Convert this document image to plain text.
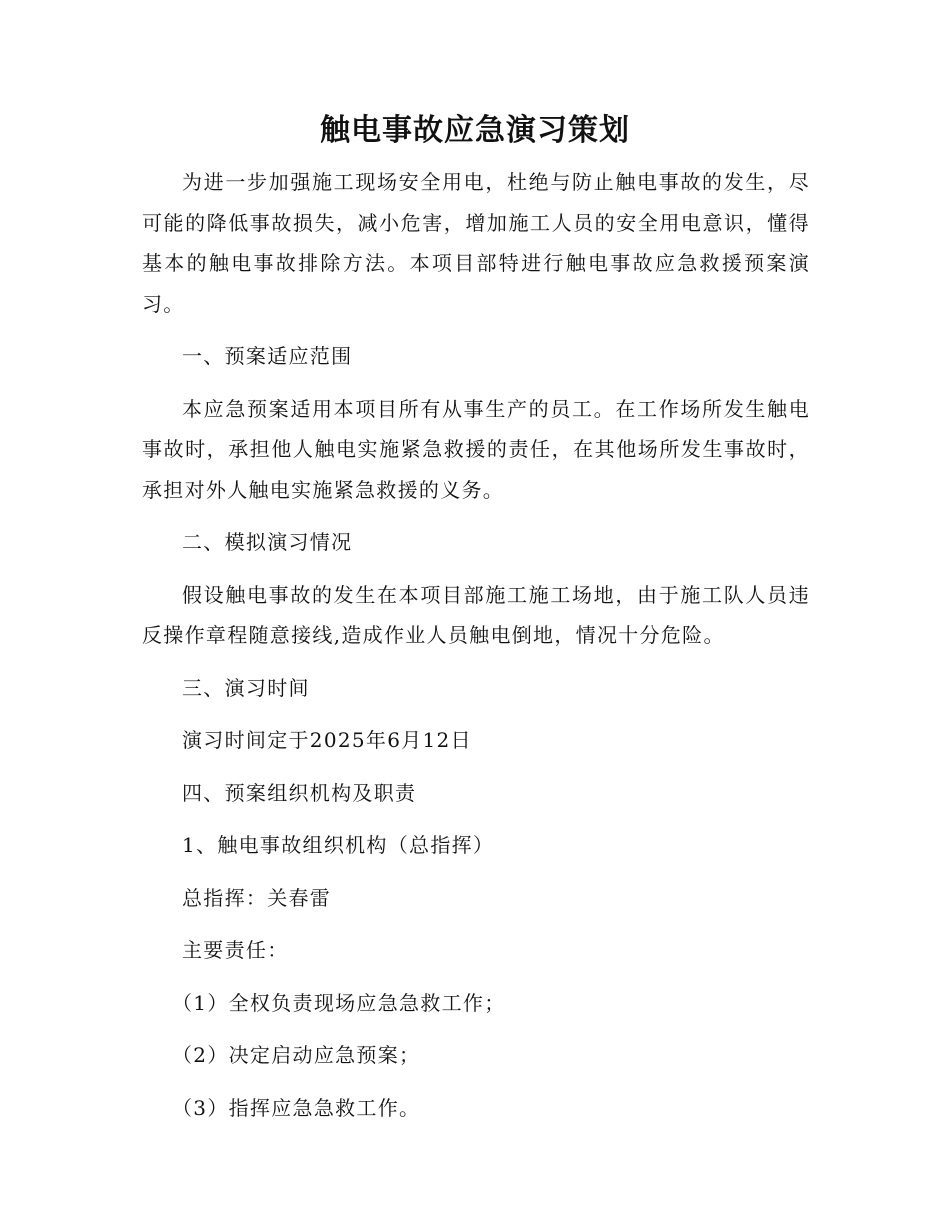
触电事故应急演习策划

为进一步加强施工现场安全用电，杜绝与防止触电事故的发生，尽可能的降低事故损失，减小危害，增加施工人员的安全用电意识，懂得基本的触电事故排除方法。本项目部特进行触电事故应急救援预案演习。

一、预案适应范围

本应急预案适用本项目所有从事生产的员工。在工作场所发生触电事故时，承担他人触电实施紧急救援的责任，在其他场所发生事故时，承担对外人触电实施紧急救援的义务。

二、模拟演习情况

假设触电事故的发生在本项目部施工施工场地，由于施工队人员违反操作章程随意接线,造成作业人员触电倒地，情况十分危险。

三、演习时间

演习时间定于2025年6月12日

四、预案组织机构及职责

1、触电事故组织机构（总指挥）

总指挥：关春雷

主要责任：

（1）全权负责现场应急急救工作；

（2）决定启动应急预案；

（3）指挥应急急救工作。
